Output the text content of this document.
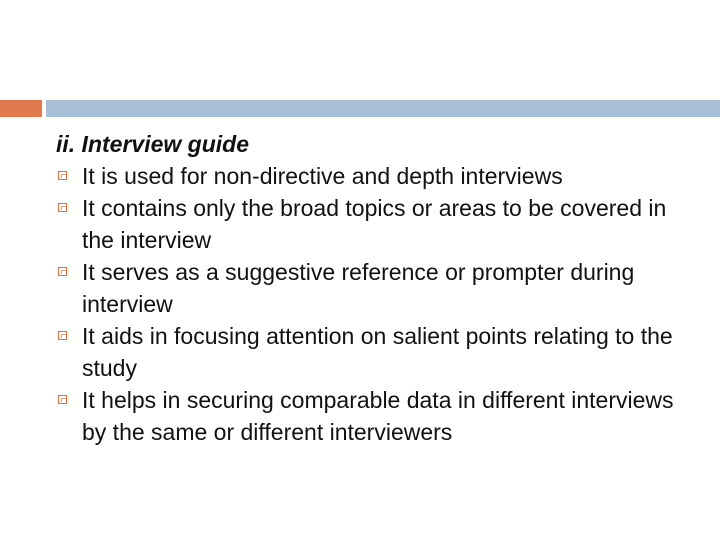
ii. Interview guide

It is used for non-directive and depth interviews
It contains only the broad topics or areas to be covered in the interview
It serves as a suggestive reference or prompter during interview
It aids in focusing attention on salient points relating to the study
It helps in securing comparable data in different interviews by the same or different interviewers
